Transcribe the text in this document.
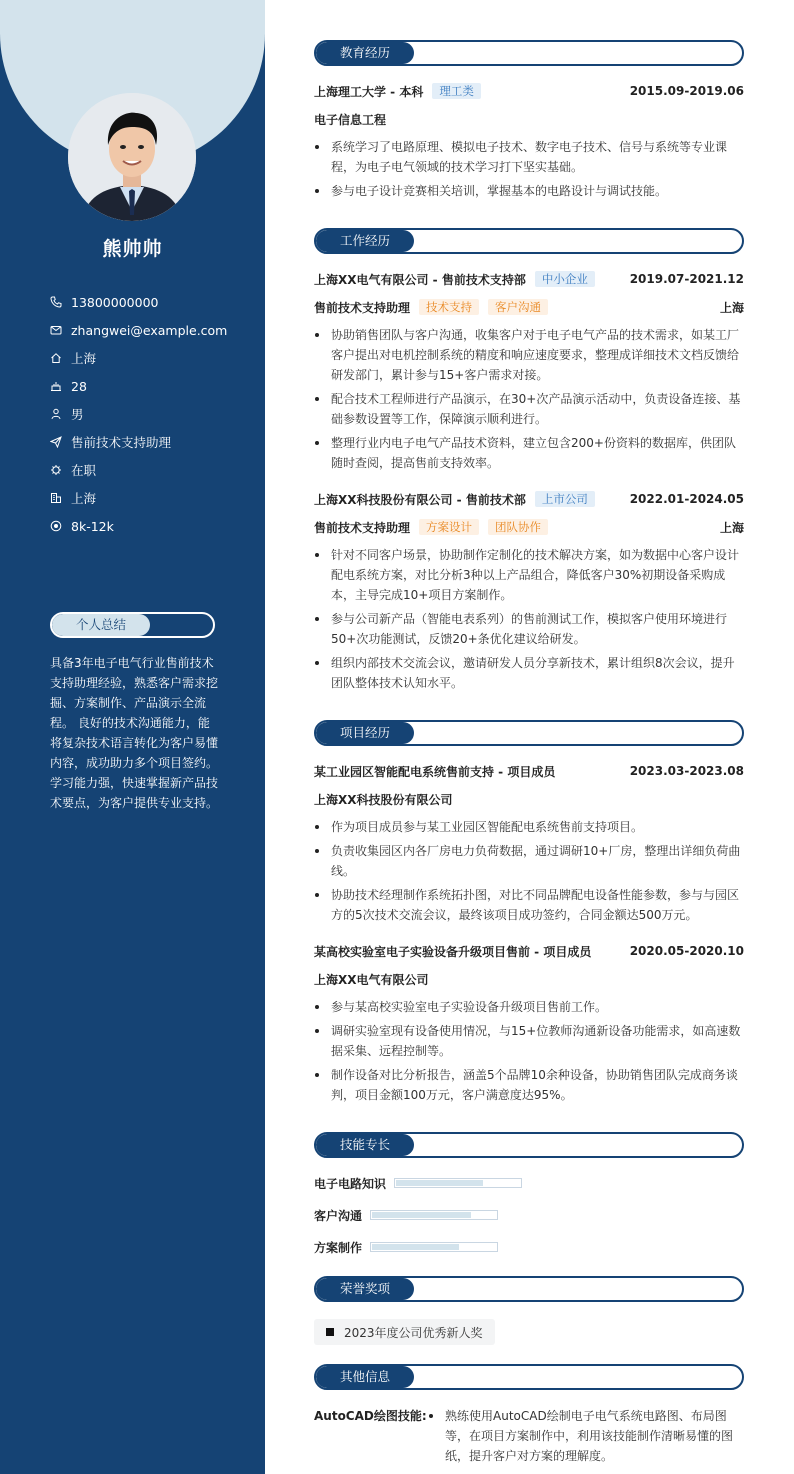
熊帅帅
13800000000
zhangwei@example.com
上海
28
男
售前技术支持助理
在职
上海
8k-12k
个人总结
具备3年电子电气行业售前技术支持助理经验，熟悉客户需求挖掘、方案制作、产品演示全流程。 良好的技术沟通能力，能将复杂技术语言转化为客户易懂内容，成功助力多个项目签约。 学习能力强，快速掌握新产品技术要点，为客户提供专业支持。
教育经历
上海理工大学 - 本科	理工类	2015.09-2019.06
电子信息工程
系统学习了电路原理、模拟电子技术、数字电子技术、信号与系统等专业课程，为电子电气领域的技术学习打下坚实基础。
参与电子设计竞赛相关培训，掌握基本的电路设计与调试技能。
工作经历
上海XX电气有限公司 - 售前技术支持部	中小企业	2019.07-2021.12
售前技术支持助理	技术支持	客户沟通	上海
协助销售团队与客户沟通，收集客户对于电子电气产品的技术需求，如某工厂客户提出对电机控制系统的精度和响应速度要求，整理成详细技术文档反馈给研发部门，累计参与15+客户需求对接。
配合技术工程师进行产品演示，在30+次产品演示活动中，负责设备连接、基础参数设置等工作，保障演示顺利进行。
整理行业内电子电气产品技术资料，建立包含200+份资料的数据库，供团队随时查阅，提高售前支持效率。
上海XX科技股份有限公司 - 售前技术部	上市公司	2022.01-2024.05
售前技术支持助理	方案设计	团队协作	上海
针对不同客户场景，协助制作定制化的技术解决方案，如为数据中心客户设计配电系统方案，对比分析3种以上产品组合，降低客户30%初期设备采购成本，主导完成10+项目方案制作。
参与公司新产品（智能电表系列）的售前测试工作，模拟客户使用环境进行50+次功能测试，反馈20+条优化建议给研发。
组织内部技术交流会议，邀请研发人员分享新技术，累计组织8次会议，提升团队整体技术认知水平。
项目经历
某工业园区智能配电系统售前支持 - 项目成员	2023.03-2023.08
上海XX科技股份有限公司
作为项目成员参与某工业园区智能配电系统售前支持项目。
负责收集园区内各厂房电力负荷数据，通过调研10+厂房，整理出详细负荷曲线。
协助技术经理制作系统拓扑图，对比不同品牌配电设备性能参数，参与与园区方的5次技术交流会议，最终该项目成功签约，合同金额达500万元。
某高校实验室电子实验设备升级项目售前 - 项目成员	2020.05-2020.10
上海XX电气有限公司
参与某高校实验室电子实验设备升级项目售前工作。
调研实验室现有设备使用情况，与15+位教师沟通新设备功能需求，如高速数据采集、远程控制等。
制作设备对比分析报告，涵盖5个品牌10余种设备，协助销售团队完成商务谈判，项目金额100万元，客户满意度达95%。
技能专长
电子电路知识
客户沟通
方案制作
荣誉奖项
2023年度公司优秀新人奖
其他信息
AutoCAD绘图技能:	熟练使用AutoCAD绘制电子电气系统电路图、布局图等，在项目方案制作中，利用该技能制作清晰易懂的图纸，提升客户对方案的理解度。
